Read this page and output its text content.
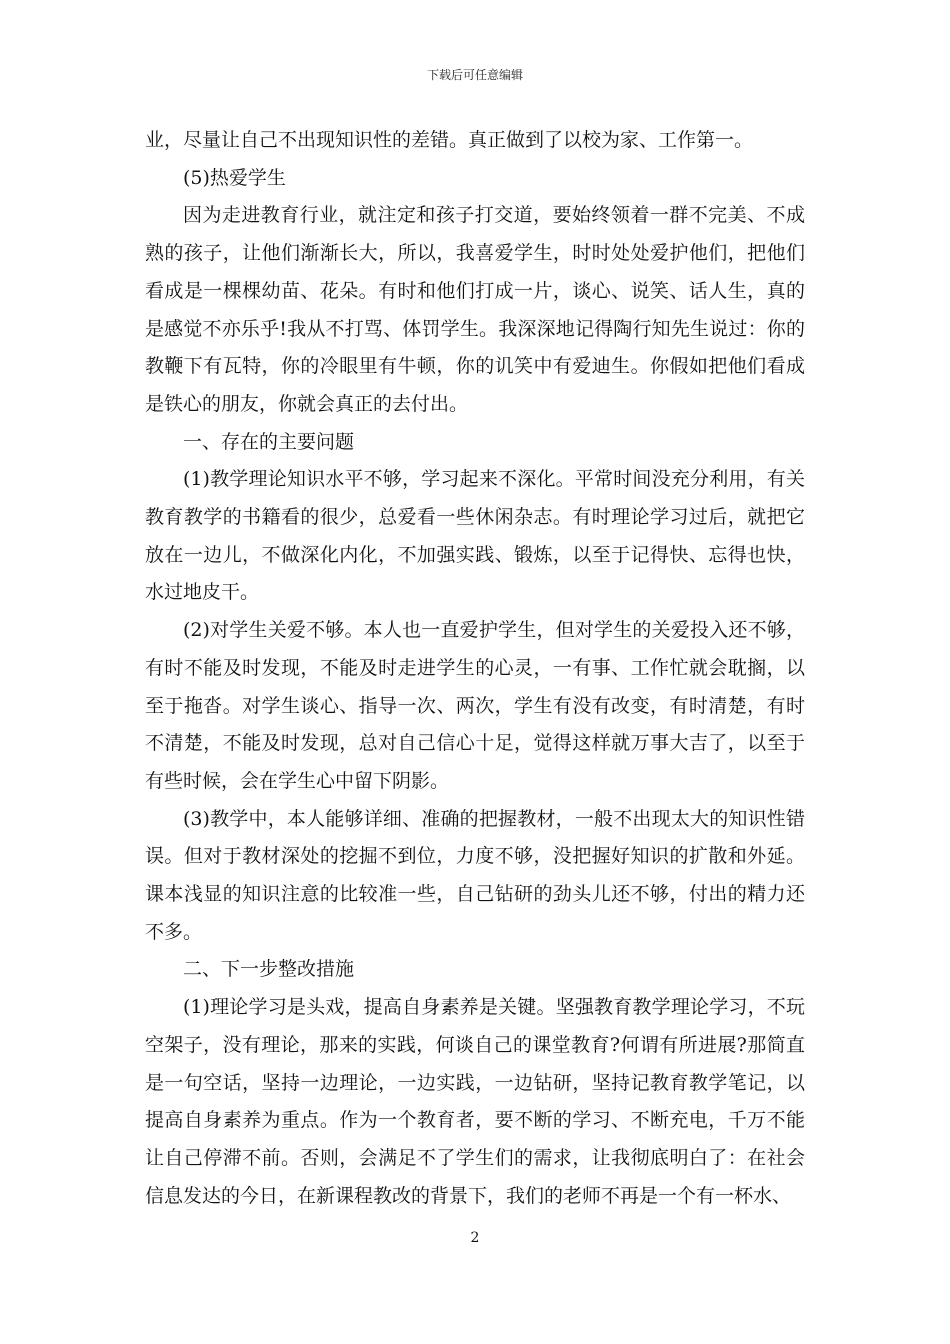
下载后可任意编辑

业，尽量让自己不出现知识性的差错。真正做到了以校为家、工作第一。

(5)热爱学生

因为走进教育行业，就注定和孩子打交道，要始终领着一群不完美、不成熟的孩子，让他们渐渐长大，所以，我喜爱学生，时时处处爱护他们，把他们看成是一棵棵幼苗、花朵。有时和他们打成一片，谈心、说笑、话人生，真的是感觉不亦乐乎!我从不打骂、体罚学生。我深深地记得陶行知先生说过：你的教鞭下有瓦特，你的冷眼里有牛顿，你的讥笑中有爱迪生。你假如把他们看成是铁心的朋友，你就会真正的去付出。

一、存在的主要问题

(1)教学理论知识水平不够，学习起来不深化。平常时间没充分利用，有关教育教学的书籍看的很少，总爱看一些休闲杂志。有时理论学习过后，就把它放在一边儿，不做深化内化，不加强实践、锻炼，以至于记得快、忘得也快，水过地皮干。

(2)对学生关爱不够。本人也一直爱护学生，但对学生的关爱投入还不够，有时不能及时发现，不能及时走进学生的心灵，一有事、工作忙就会耽搁，以至于拖沓。对学生谈心、指导一次、两次，学生有没有改变，有时清楚，有时不清楚，不能及时发现，总对自己信心十足，觉得这样就万事大吉了，以至于有些时候，会在学生心中留下阴影。

(3)教学中，本人能够详细、准确的把握教材，一般不出现太大的知识性错误。但对于教材深处的挖掘不到位，力度不够，没把握好知识的扩散和外延。课本浅显的知识注意的比较准一些，自己钻研的劲头儿还不够，付出的精力还不多。

二、下一步整改措施

(1)理论学习是头戏，提高自身素养是关键。坚强教育教学理论学习，不玩空架子，没有理论，那来的实践，何谈自己的课堂教育?何谓有所进展?那简直是一句空话，坚持一边理论，一边实践，一边钻研，坚持记教育教学笔记，以提高自身素养为重点。作为一个教育者，要不断的学习、不断充电，千万不能让自己停滞不前。否则，会满足不了学生们的需求，让我彻底明白了：在社会信息发达的今日，在新课程教改的背景下，我们的老师不再是一个有一杯水、

2
